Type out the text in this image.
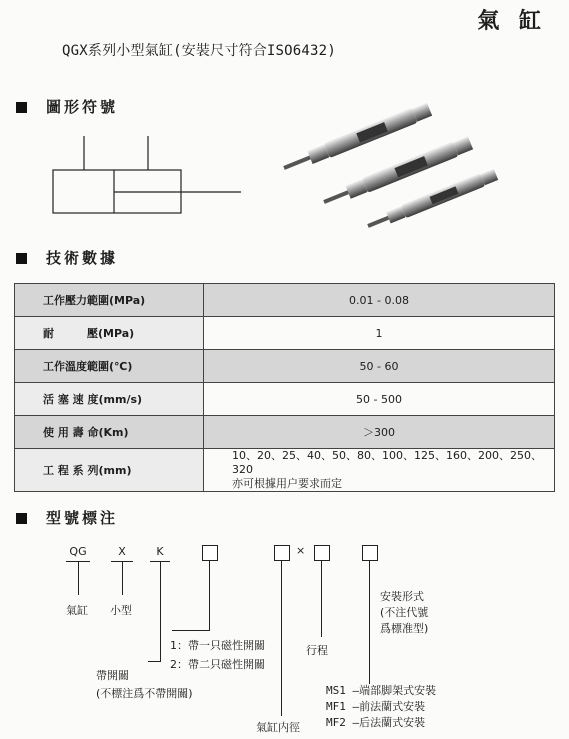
氣 缸
QGX系列小型氣缸(安裝尺寸符合ISO6432)
圖形符號
技術數據
工作壓力範圍(MPa)	0.01 - 0.08
耐　　　壓(MPa)	1
工作溫度範圍(℃)	50 - 60
活 塞 速 度(mm/s)	50 - 500
使 用 壽 命(Km)	＞300
工 程 系 列(mm)	10、20、25、40、50、80、100、125、160、200、250、320
亦可根據用户要求而定
型號標注
QG
氣缸
X
小型
K
1：帶一只磁性開關
2：帶二只磁性開關
帶開關
(不標注爲不帶開關)
×
氣缸内徑
行程
安裝形式
(不注代號
爲標准型)
MS1 —端部脚架式安裝
MF1 —前法蘭式安裝
MF2 —后法蘭式安裝
